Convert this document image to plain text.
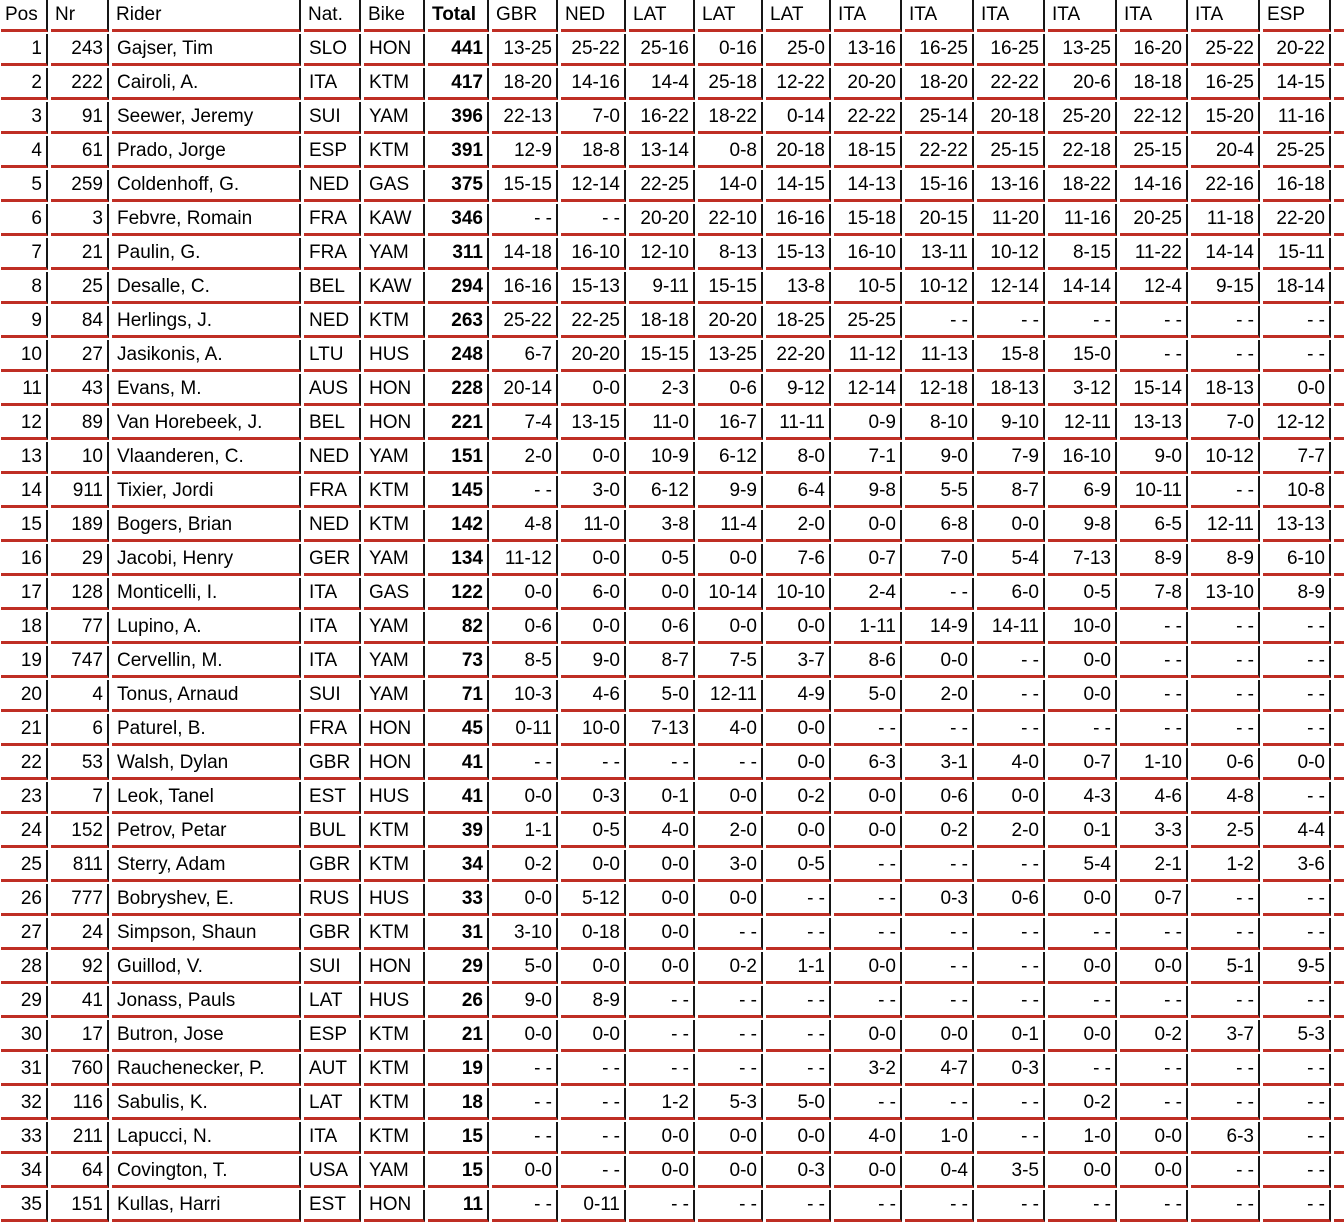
Pos	Nr	Rider	Nat.	Bike	Total	GBR	NED	LAT	LAT	LAT	ITA	ITA	ITA	ITA	ITA	ITA	ESP	
1	243	Gajser, Tim	SLO	HON	441	13-25	25-22	25-16	0-16	25-0	13-16	16-25	16-25	13-25	16-20	25-22	20-22	
2	222	Cairoli, A.	ITA	KTM	417	18-20	14-16	14-4	25-18	12-22	20-20	18-20	22-22	20-6	18-18	16-25	14-15	
3	91	Seewer, Jeremy	SUI	YAM	396	22-13	7-0	16-22	18-22	0-14	22-22	25-14	20-18	25-20	22-12	15-20	11-16	
4	61	Prado, Jorge	ESP	KTM	391	12-9	18-8	13-14	0-8	20-18	18-15	22-22	25-15	22-18	25-15	20-4	25-25	
5	259	Coldenhoff, G.	NED	GAS	375	15-15	12-14	22-25	14-0	14-15	14-13	15-16	13-16	18-22	14-16	22-16	16-18	
6	3	Febvre, Romain	FRA	KAW	346	- -	- -	20-20	22-10	16-16	15-18	20-15	11-20	11-16	20-25	11-18	22-20	
7	21	Paulin, G.	FRA	YAM	311	14-18	16-10	12-10	8-13	15-13	16-10	13-11	10-12	8-15	11-22	14-14	15-11	
8	25	Desalle, C.	BEL	KAW	294	16-16	15-13	9-11	15-15	13-8	10-5	10-12	12-14	14-14	12-4	9-15	18-14	
9	84	Herlings, J.	NED	KTM	263	25-22	22-25	18-18	20-20	18-25	25-25	- -	- -	- -	- -	- -	- -	
10	27	Jasikonis, A.	LTU	HUS	248	6-7	20-20	15-15	13-25	22-20	11-12	11-13	15-8	15-0	- -	- -	- -	
11	43	Evans, M.	AUS	HON	228	20-14	0-0	2-3	0-6	9-12	12-14	12-18	18-13	3-12	15-14	18-13	0-0	
12	89	Van Horebeek, J.	BEL	HON	221	7-4	13-15	11-0	16-7	11-11	0-9	8-10	9-10	12-11	13-13	7-0	12-12	
13	10	Vlaanderen, C.	NED	YAM	151	2-0	0-0	10-9	6-12	8-0	7-1	9-0	7-9	16-10	9-0	10-12	7-7	
14	911	Tixier, Jordi	FRA	KTM	145	- -	3-0	6-12	9-9	6-4	9-8	5-5	8-7	6-9	10-11	- -	10-8	
15	189	Bogers, Brian	NED	KTM	142	4-8	11-0	3-8	11-4	2-0	0-0	6-8	0-0	9-8	6-5	12-11	13-13	
16	29	Jacobi, Henry	GER	YAM	134	11-12	0-0	0-5	0-0	7-6	0-7	7-0	5-4	7-13	8-9	8-9	6-10	
17	128	Monticelli, I.	ITA	GAS	122	0-0	6-0	0-0	10-14	10-10	2-4	- -	6-0	0-5	7-8	13-10	8-9	
18	77	Lupino, A.	ITA	YAM	82	0-6	0-0	0-6	0-0	0-0	1-11	14-9	14-11	10-0	- -	- -	- -	
19	747	Cervellin, M.	ITA	YAM	73	8-5	9-0	8-7	7-5	3-7	8-6	0-0	- -	0-0	- -	- -	- -	
20	4	Tonus, Arnaud	SUI	YAM	71	10-3	4-6	5-0	12-11	4-9	5-0	2-0	- -	0-0	- -	- -	- -	
21	6	Paturel, B.	FRA	HON	45	0-11	10-0	7-13	4-0	0-0	- -	- -	- -	- -	- -	- -	- -	
22	53	Walsh, Dylan	GBR	HON	41	- -	- -	- -	- -	0-0	6-3	3-1	4-0	0-7	1-10	0-6	0-0	
23	7	Leok, Tanel	EST	HUS	41	0-0	0-3	0-1	0-0	0-2	0-0	0-6	0-0	4-3	4-6	4-8	- -	
24	152	Petrov, Petar	BUL	KTM	39	1-1	0-5	4-0	2-0	0-0	0-0	0-2	2-0	0-1	3-3	2-5	4-4	
25	811	Sterry, Adam	GBR	KTM	34	0-2	0-0	0-0	3-0	0-5	- -	- -	- -	5-4	2-1	1-2	3-6	
26	777	Bobryshev, E.	RUS	HUS	33	0-0	5-12	0-0	0-0	- -	- -	0-3	0-6	0-0	0-7	- -	- -	
27	24	Simpson, Shaun	GBR	KTM	31	3-10	0-18	0-0	- -	- -	- -	- -	- -	- -	- -	- -	- -	
28	92	Guillod, V.	SUI	HON	29	5-0	0-0	0-0	0-2	1-1	0-0	- -	- -	0-0	0-0	5-1	9-5	
29	41	Jonass, Pauls	LAT	HUS	26	9-0	8-9	- -	- -	- -	- -	- -	- -	- -	- -	- -	- -	
30	17	Butron, Jose	ESP	KTM	21	0-0	0-0	- -	- -	- -	0-0	0-0	0-1	0-0	0-2	3-7	5-3	
31	760	Rauchenecker, P.	AUT	KTM	19	- -	- -	- -	- -	- -	3-2	4-7	0-3	- -	- -	- -	- -	
32	116	Sabulis, K.	LAT	KTM	18	- -	- -	1-2	5-3	5-0	- -	- -	- -	0-2	- -	- -	- -	
33	211	Lapucci, N.	ITA	KTM	15	- -	- -	0-0	0-0	0-0	4-0	1-0	- -	1-0	0-0	6-3	- -	
34	64	Covington, T.	USA	YAM	15	0-0	- -	0-0	0-0	0-3	0-0	0-4	3-5	0-0	0-0	- -	- -	
35	151	Kullas, Harri	EST	HON	11	- -	0-11	- -	- -	- -	- -	- -	- -	- -	- -	- -	- -	
